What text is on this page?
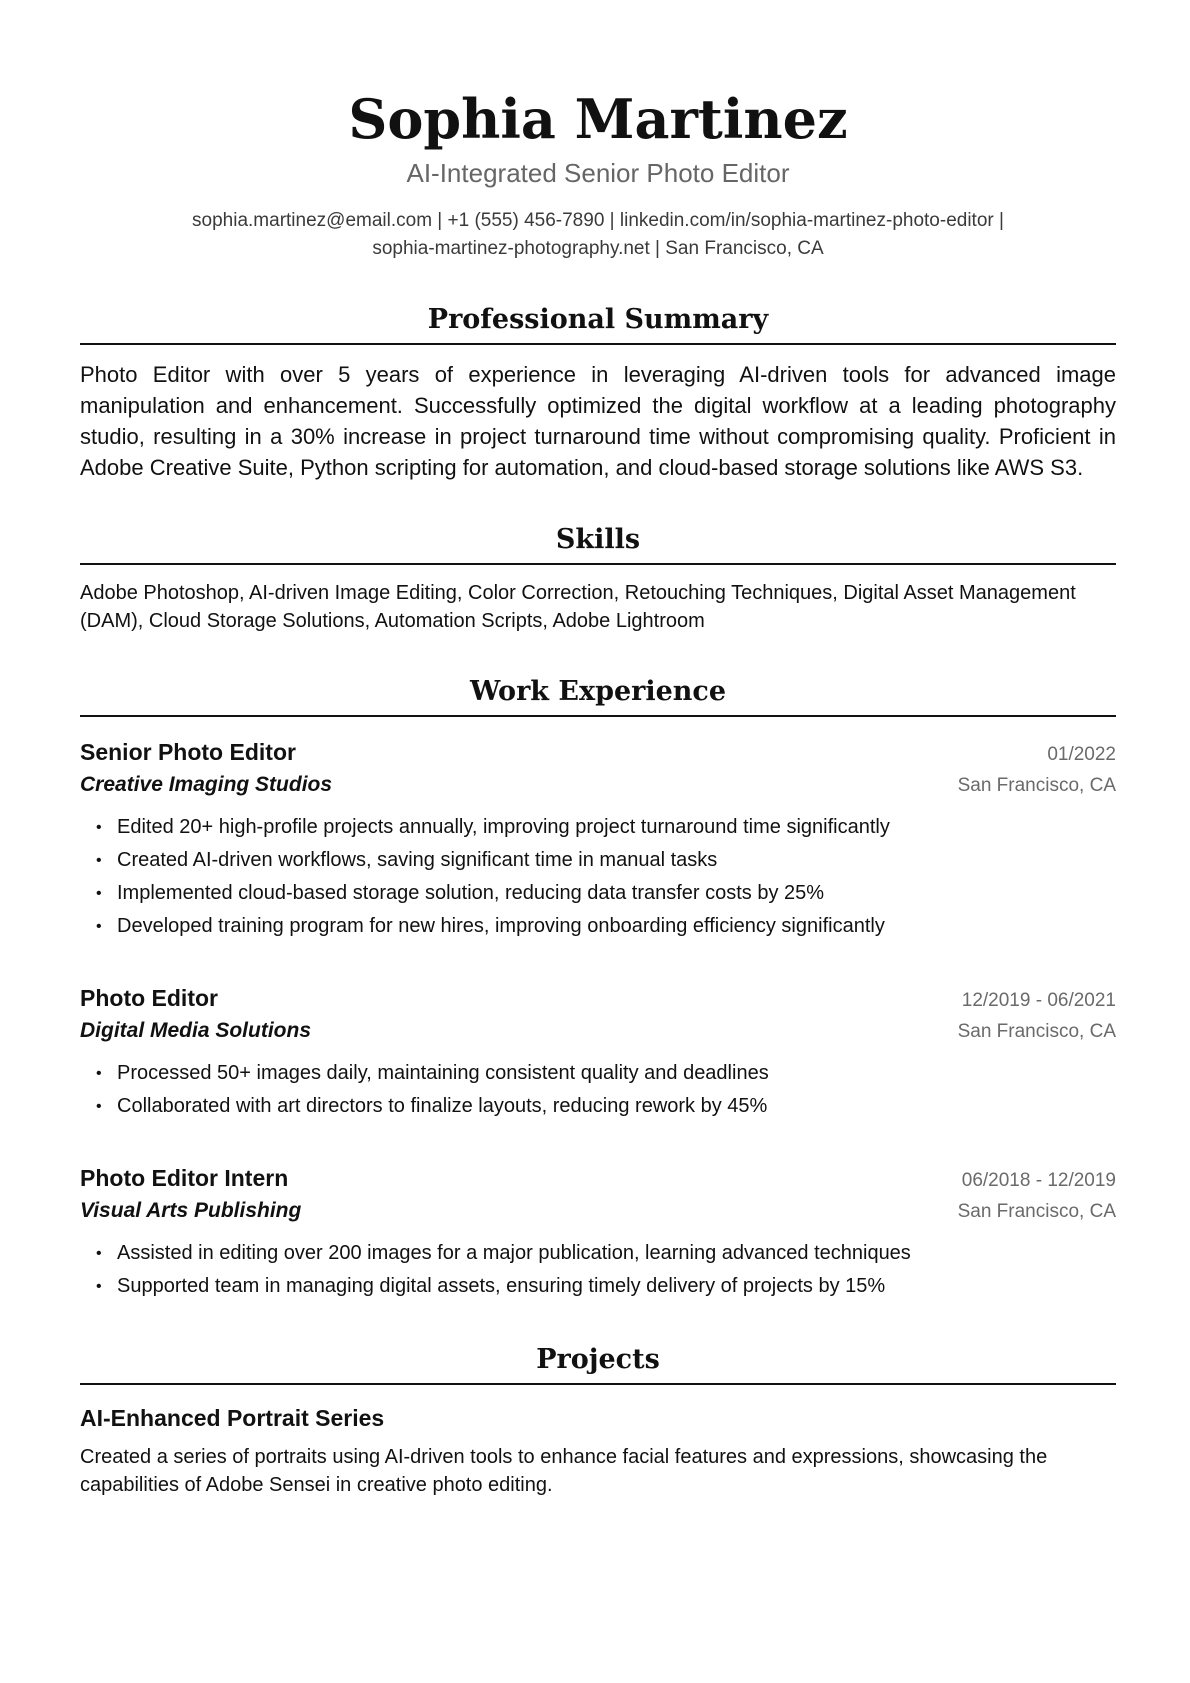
Sophia Martinez
AI-Integrated Senior Photo Editor
sophia.martinez@email.com | +1 (555) 456-7890 | linkedin.com/in/sophia-martinez-photo-editor |
sophia-martinez-photography.net | San Francisco, CA
Professional Summary
Photo Editor with over 5 years of experience in leveraging AI-driven tools for advanced image manipulation and enhancement. Successfully optimized the digital workflow at a leading photography studio, resulting in a 30% increase in project turnaround time without compromising quality. Proficient in Adobe Creative Suite, Python scripting for automation, and cloud-based storage solutions like AWS S3.
Skills
Adobe Photoshop, AI-driven Image Editing, Color Correction, Retouching Techniques, Digital Asset Management (DAM), Cloud Storage Solutions, Automation Scripts, Adobe Lightroom
Work Experience
Senior Photo Editor	01/2022
Creative Imaging Studios	San Francisco, CA
• Edited 20+ high-profile projects annually, improving project turnaround time significantly
• Created AI-driven workflows, saving significant time in manual tasks
• Implemented cloud-based storage solution, reducing data transfer costs by 25%
• Developed training program for new hires, improving onboarding efficiency significantly
Photo Editor	12/2019 - 06/2021
Digital Media Solutions	San Francisco, CA
• Processed 50+ images daily, maintaining consistent quality and deadlines
• Collaborated with art directors to finalize layouts, reducing rework by 45%
Photo Editor Intern	06/2018 - 12/2019
Visual Arts Publishing	San Francisco, CA
• Assisted in editing over 200 images for a major publication, learning advanced techniques
• Supported team in managing digital assets, ensuring timely delivery of projects by 15%
Projects
AI-Enhanced Portrait Series
Created a series of portraits using AI-driven tools to enhance facial features and expressions, showcasing the capabilities of Adobe Sensei in creative photo editing.
